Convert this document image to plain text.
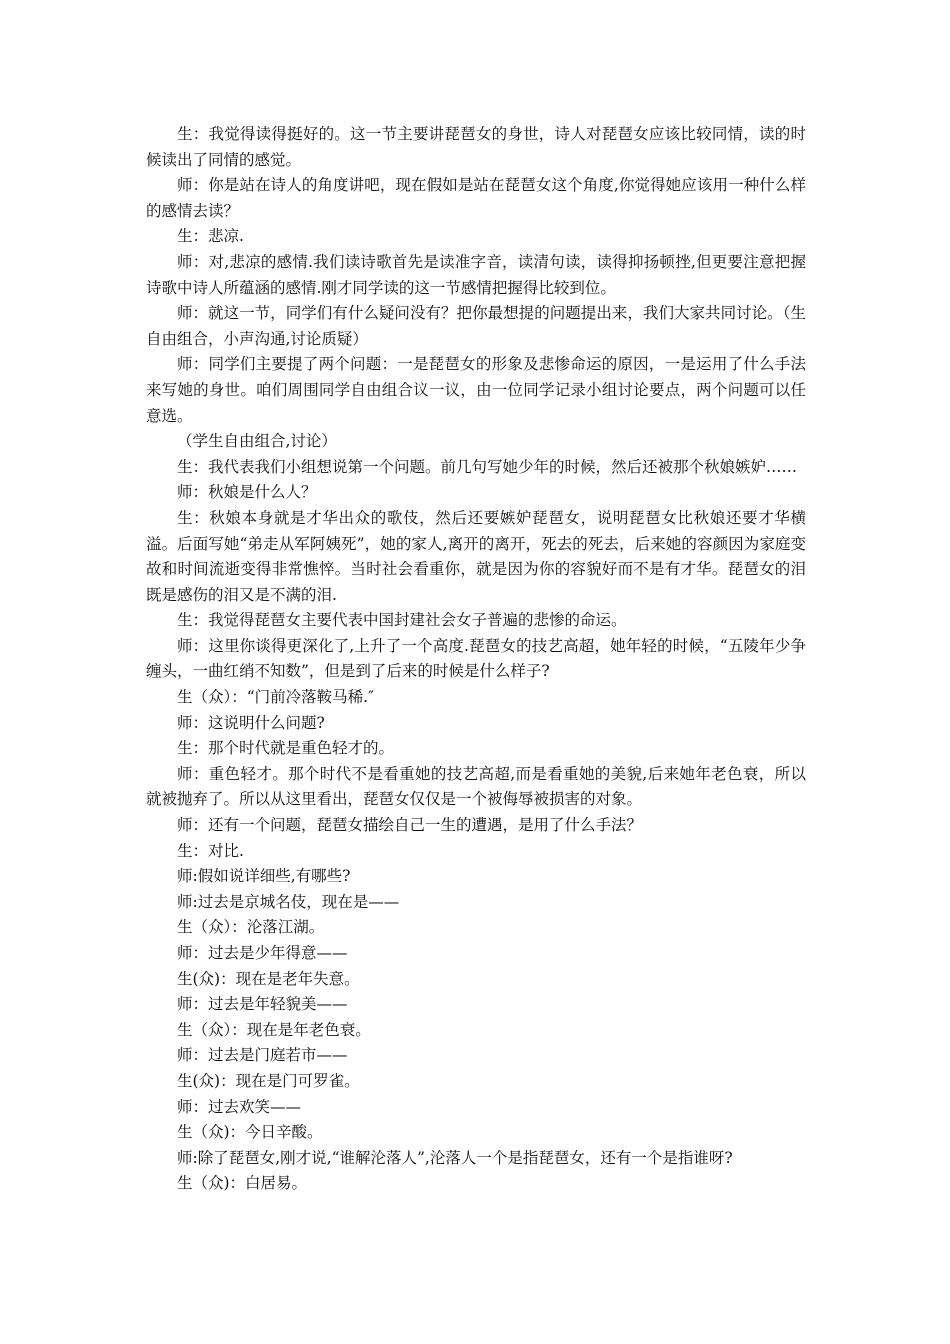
生：我觉得读得挺好的。这一节主要讲琵琶女的身世，诗人对琵琶女应该比较同情，读的时候读出了同情的感觉。

师：你是站在诗人的角度讲吧，现在假如是站在琵琶女这个角度,你觉得她应该用一种什么样的感情去读？

生：悲凉.

师：对,悲凉的感情.我们读诗歌首先是读准字音，读清句读，读得抑扬顿挫,但更要注意把握诗歌中诗人所蕴涵的感情.刚才同学读的这一节感情把握得比较到位。

师：就这一节，同学们有什么疑问没有？把你最想提的问题提出来，我们大家共同讨论。（生自由组合，小声沟通,讨论质疑）

师：同学们主要提了两个问题：一是琵琶女的形象及悲惨命运的原因，一是运用了什么手法来写她的身世。咱们周围同学自由组合议一议，由一位同学记录小组讨论要点，两个问题可以任意选。

（学生自由组合,讨论）

生：我代表我们小组想说第一个问题。前几句写她少年的时候，然后还被那个秋娘嫉妒……

师：秋娘是什么人？

生：秋娘本身就是才华出众的歌伎，然后还要嫉妒琵琶女，说明琵琶女比秋娘还要才华横溢。后面写她“弟走从军阿姨死”，她的家人,离开的离开，死去的死去，后来她的容颜因为家庭变故和时间流逝变得非常憔悴。当时社会看重你，就是因为你的容貌好而不是有才华。琵琶女的泪既是感伤的泪又是不满的泪.

生：我觉得琵琶女主要代表中国封建社会女子普遍的悲惨的命运。

师：这里你谈得更深化了,上升了一个高度.琵琶女的技艺高超，她年轻的时候，“五陵年少争缠头，一曲红绡不知数”，但是到了后来的时候是什么样子?

生（众）：“门前冷落鞍马稀.″

师：这说明什么问题?

生：那个时代就是重色轻才的。

师：重色轻才。那个时代不是看重她的技艺高超,而是看重她的美貌,后来她年老色衰，所以就被抛弃了。所以从这里看出，琵琶女仅仅是一个被侮辱被损害的对象。

师：还有一个问题，琵琶女描绘自己一生的遭遇，是用了什么手法？

生：对比.

师:假如说详细些,有哪些?

师:过去是京城名伎，现在是——

生（众）：沦落江湖。

师：过去是少年得意——

生(众)：现在是老年失意。

师：过去是年轻貌美——

生（众）：现在是年老色衰。

师：过去是门庭若市——

生(众)：现在是门可罗雀。

师：过去欢笑——

生（众)：今日辛酸。

师:除了琵琶女,刚才说,“谁解沦落人”,沦落人一个是指琵琶女，还有一个是指谁呀?

生（众)：白居易。
